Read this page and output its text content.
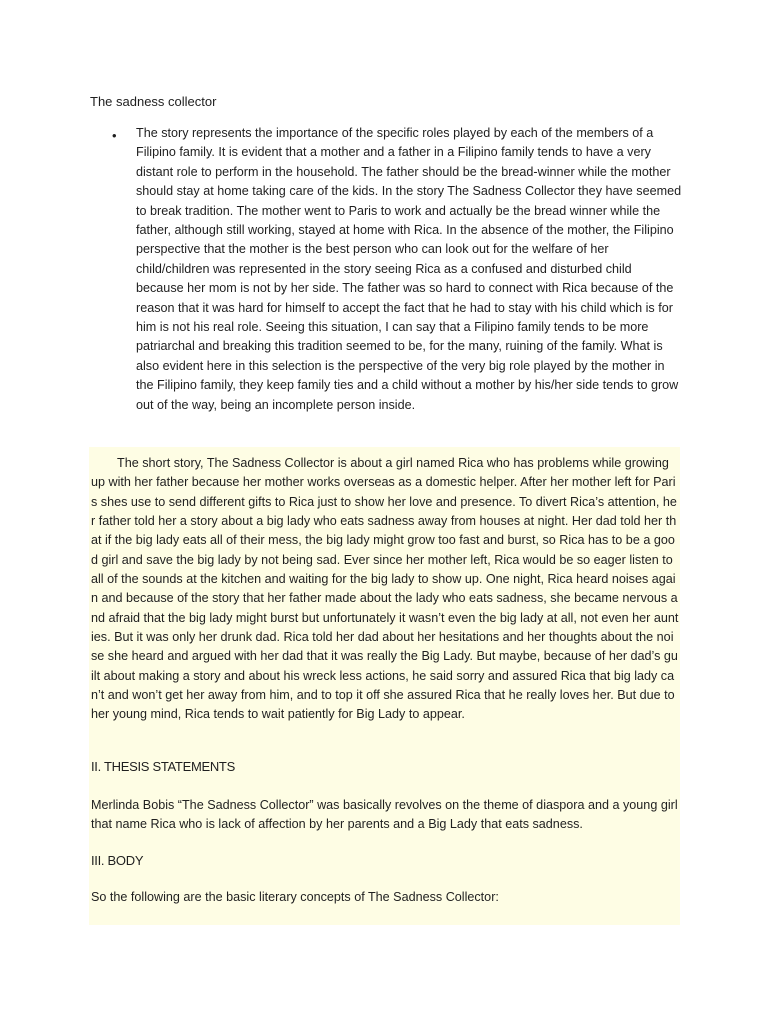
The sadness collector
• The story represents the importance of the specific roles played by each of the members of a Filipino family. It is evident that a mother and a father in a Filipino family tends to have a very distant role to perform in the household. The father should be the bread-winner while the mother should stay at home taking care of the kids. In the story The Sadness Collector they have seemed to break tradition. The mother went to Paris to work and actually be the bread winner while the father, although still working, stayed at home with Rica. In the absence of the mother, the Filipino perspective that the mother is the best person who can look out for the welfare of her child/children was represented in the story seeing Rica as a confused and disturbed child because her mom is not by her side. The father was so hard to connect with Rica because of the reason that it was hard for himself to accept the fact that he had to stay with his child which is for him is not his real role. Seeing this situation, I can say that a Filipino family tends to be more patriarchal and breaking this tradition seemed to be, for the many, ruining of the family. What is also evident here in this selection is the perspective of the very big role played by the mother in the Filipino family, they keep family ties and a child without a mother by his/her side tends to grow out of the way, being an incomplete person inside.

The short story, The Sadness Collector is about a girl named Rica who has problems while growing up with her father because her mother works overseas as a domestic helper. After her mother left for Paris shes use to send different gifts to Rica just to show her love and presence. To divert Rica’s attention, her father told her a story about a big lady who eats sadness away from houses at night. Her dad told her that if the big lady eats all of their mess, the big lady might grow too fast and burst, so Rica has to be a good girl and save the big lady by not being sad. Ever since her mother left, Rica would be so eager listen to all of the sounds at the kitchen and waiting for the big lady to show up. One night, Rica heard noises again and because of the story that her father made about the lady who eats sadness, she became nervous and afraid that the big lady might burst but unfortunately it wasn’t even the big lady at all, not even her aunties. But it was only her drunk dad. Rica told her dad about her hesitations and her thoughts about the noise she heard and argued with her dad that it was really the Big Lady. But maybe, because of her dad’s guilt about making a story and about his wreck less actions, he said sorry and assured Rica that big lady can’t and won’t get her away from him, and to top it off she assured Rica that he really loves her. But due to her young mind, Rica tends to wait patiently for Big Lady to appear.

II. THESIS STATEMENTS

Merlinda Bobis “The Sadness Collector” was basically revolves on the theme of diaspora and a young girl that name Rica who is lack of affection by her parents and a Big Lady that eats sadness.

III. BODY

So the following are the basic literary concepts of The Sadness Collector:
